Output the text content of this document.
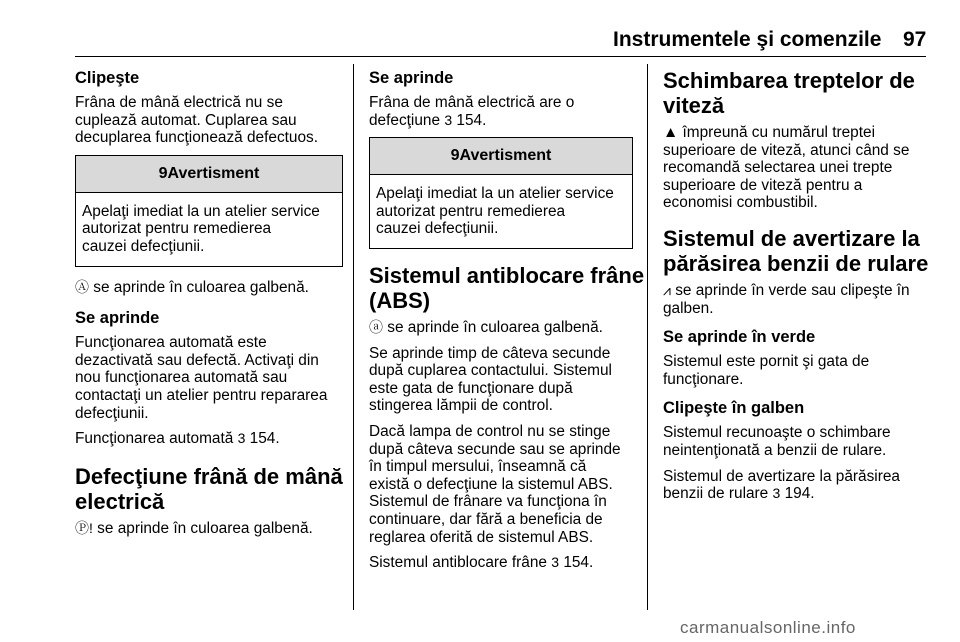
Instrumentele şi comenzile 97
Clipeşte

Frâna de mână electrică nu se
cuplează automat. Cuplarea sau
decuplarea funcţionează defectuos.

9Avertisment
Apelaţi imediat la un atelier service
autorizat pentru remedierea
cauzei defecţiunii.

Ⓐ se aprinde în culoarea galbenă.

Se aprinde

Funcţionarea automată este
dezactivată sau defectă. Activaţi din
nou funcţionarea automată sau
contactaţi un atelier pentru repararea
defecţiunii.

Funcţionarea automată 3 154.

Defecţiune frână de mână
electrică

Ⓟ! se aprinde în culoarea galbenă.

Se aprinde

Frâna de mână electrică are o
defecţiune 3 154.

9Avertisment
Apelaţi imediat la un atelier service
autorizat pentru remedierea
cauzei defecţiunii.
Sistemul antiblocare frâne
(ABS)

ⓐ se aprinde în culoarea galbenă.

Se aprinde timp de câteva secunde
după cuplarea contactului. Sistemul
este gata de funcţionare după
stingerea lămpii de control.

Dacă lampa de control nu se stinge
după câteva secunde sau se aprinde
în timpul mersului, înseamnă că
există o defecţiune la sistemul ABS.
Sistemul de frânare va funcţiona în
continuare, dar fără a beneficia de
reglarea oferită de sistemul ABS.

Sistemul antiblocare frâne 3 154.

Schimbarea treptelor de
viteză

▲ împreună cu numărul treptei
superioare de viteză, atunci când se
recomandă selectarea unei trepte
superioare de viteză pentru a
economisi combustibil.

Sistemul de avertizare la
părăsirea benzii de rulare

⩘ se aprinde în verde sau clipeşte în
galben.

Se aprinde în verde

Sistemul este pornit şi gata de
funcţionare.

Clipeşte în galben

Sistemul recunoaşte o schimbare
neintenţionată a benzii de rulare.

Sistemul de avertizare la părăsirea
benzii de rulare 3 194.

carmanualsonline.info
